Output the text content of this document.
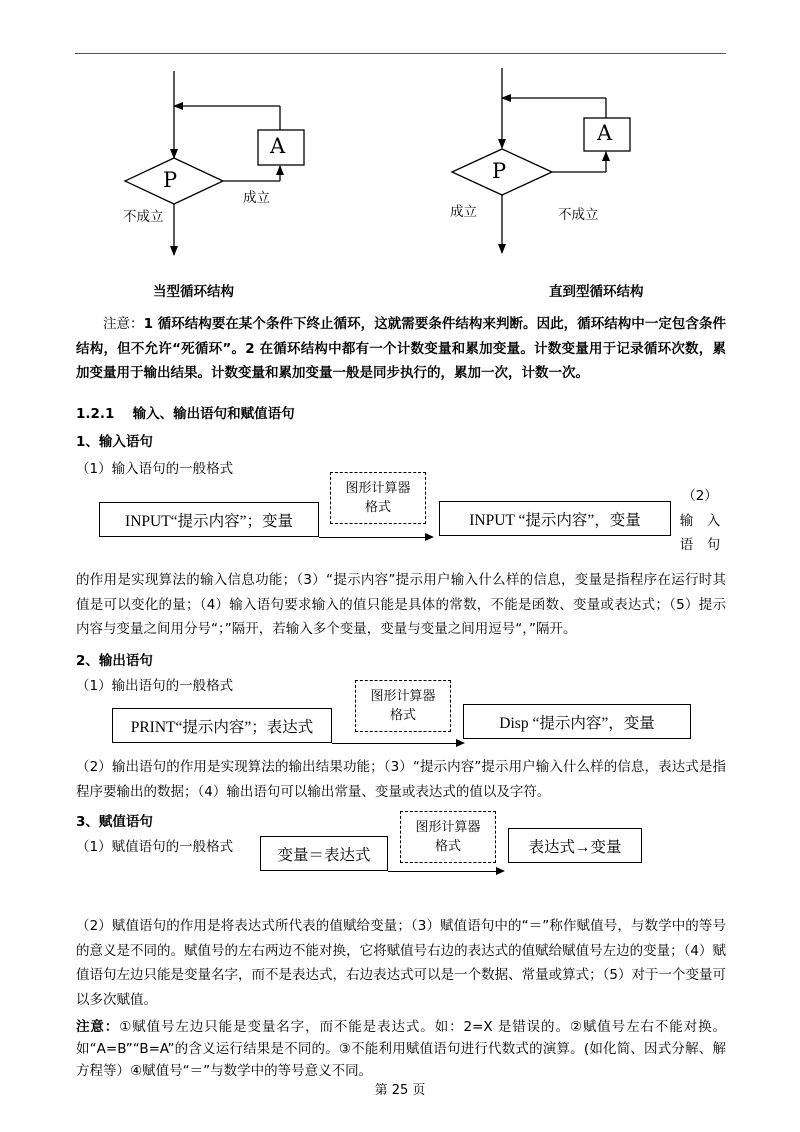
A
P
成立
不成立
当型循环结构
A
P
成立	不成立
直到型循环结构
注意：1 循环结构要在某个条件下终止循环，这就需要条件结构来判断。因此，循环结构中一定包含条件结构，但不允许“死循环”。2 在循环结构中都有一个计数变量和累加变量。计数变量用于记录循环次数，累加变量用于输出结果。计数变量和累加变量一般是同步执行的，累加一次，计数一次。
1.2.1　 输入、输出语句和赋值语句
1、输入语句
（1）输入语句的一般格式
INPUT“提示内容”；变量
图形计算器
格式
INPUT “提示内容”，变量
（2）
输　入
语　句
的作用是实现算法的输入信息功能；（3）“提示内容”提示用户输入什么样的信息，变量是指程序在运行时其值是可以变化的量；（4）输入语句要求输入的值只能是具体的常数，不能是函数、变量或表达式；（5）提示内容与变量之间用分号“；”隔开，若输入多个变量，变量与变量之间用逗号“，”隔开。
2、输出语句
（1）输出语句的一般格式
PRINT“提示内容”；表达式
图形计算器
格式	Disp “提示内容”，变量
（2）输出语句的作用是实现算法的输出结果功能；（3）“提示内容”提示用户输入什么样的信息，表达式是指程序要输出的数据；（4）输出语句可以输出常量、变量或表达式的值以及字符。
3、赋值语句
（1）赋值语句的一般格式	变量＝表达式
图形计算器
格式	表达式→变量
（2）赋值语句的作用是将表达式所代表的值赋给变量；（3）赋值语句中的“＝”称作赋值号，与数学中的等号的意义是不同的。赋值号的左右两边不能对换，它将赋值号右边的表达式的值赋给赋值号左边的变量；（4）赋值语句左边只能是变量名字，而不是表达式，右边表达式可以是一个数据、常量或算式；（5）对于一个变量可以多次赋值。
注意：①赋值号左边只能是变量名字，而不能是表达式。如：2=X 是错误的。②赋值号左右不能对换。如“A=B”“B=A”的含义运行结果是不同的。③不能利用赋值语句进行代数式的演算。(如化简、因式分解、解方程等）④赋值号“＝”与数学中的等号意义不同。
第 25 页
